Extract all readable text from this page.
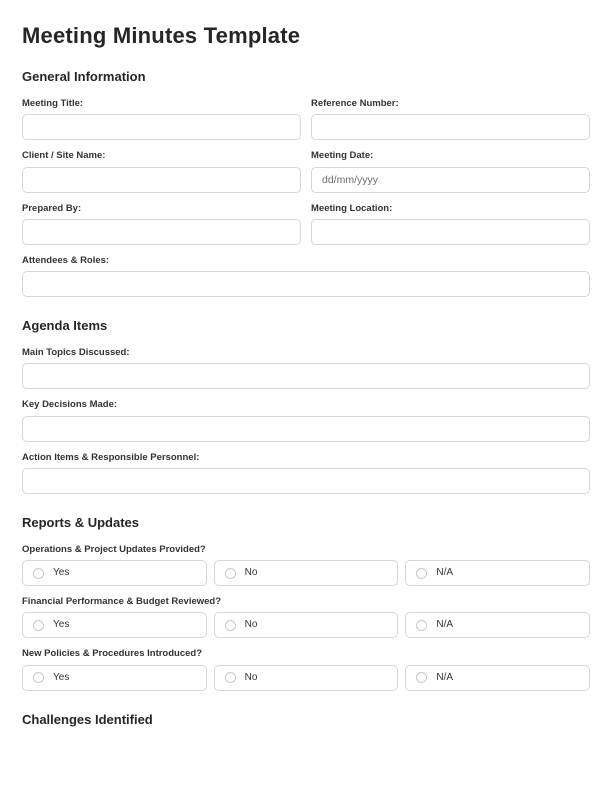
Meeting Minutes Template
General Information
Meeting Title:	Reference Number:
Client / Site Name:	Meeting Date:
dd/mm/yyyy
Prepared By:	Meeting Location:
Attendees & Roles:
Agenda Items
Main Topics Discussed:
Key Decisions Made:
Action Items & Responsible Personnel:
Reports & Updates
Operations & Project Updates Provided?
Yes	No	N/A
Financial Performance & Budget Reviewed?
Yes	No	N/A
New Policies & Procedures Introduced?
Yes	No	N/A
Challenges Identified
